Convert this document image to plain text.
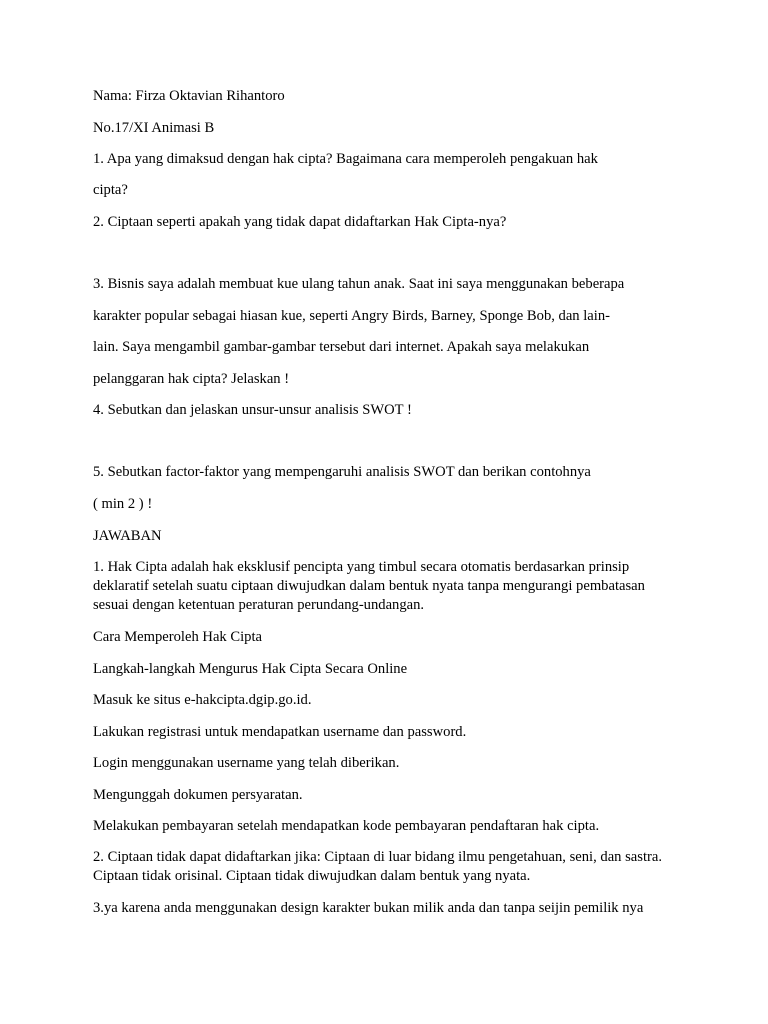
Nama: Firza Oktavian Rihantoro

No.17/XI Animasi B

1. Apa yang dimaksud dengan hak cipta? Bagaimana cara memperoleh pengakuan hak

cipta?

2. Ciptaan seperti apakah yang tidak dapat didaftarkan Hak Cipta-nya?

3. Bisnis saya adalah membuat kue ulang tahun anak. Saat ini saya menggunakan beberapa

karakter popular sebagai hiasan kue, seperti Angry Birds, Barney, Sponge Bob, dan lain-

lain. Saya mengambil gambar-gambar tersebut dari internet. Apakah saya melakukan

pelanggaran hak cipta? Jelaskan !

4. Sebutkan dan jelaskan unsur-unsur analisis SWOT !

5. Sebutkan factor-faktor yang mempengaruhi analisis SWOT dan berikan contohnya

( min 2 ) !

JAWABAN

1. Hak Cipta adalah hak eksklusif pencipta yang timbul secara otomatis berdasarkan prinsip deklaratif setelah suatu ciptaan diwujudkan dalam bentuk nyata tanpa mengurangi pembatasan sesuai dengan ketentuan peraturan perundang-undangan.

Cara Memperoleh Hak Cipta

Langkah-langkah Mengurus Hak Cipta Secara Online

Masuk ke situs e-hakcipta.dgip.go.id.

Lakukan registrasi untuk mendapatkan username dan password.

Login menggunakan username yang telah diberikan.

Mengunggah dokumen persyaratan.

Melakukan pembayaran setelah mendapatkan kode pembayaran pendaftaran hak cipta.

2. Ciptaan tidak dapat didaftarkan jika: Ciptaan di luar bidang ilmu pengetahuan, seni, dan sastra. Ciptaan tidak orisinal. Ciptaan tidak diwujudkan dalam bentuk yang nyata.

3.ya karena anda menggunakan design karakter bukan milik anda dan tanpa seijin pemilik nya
